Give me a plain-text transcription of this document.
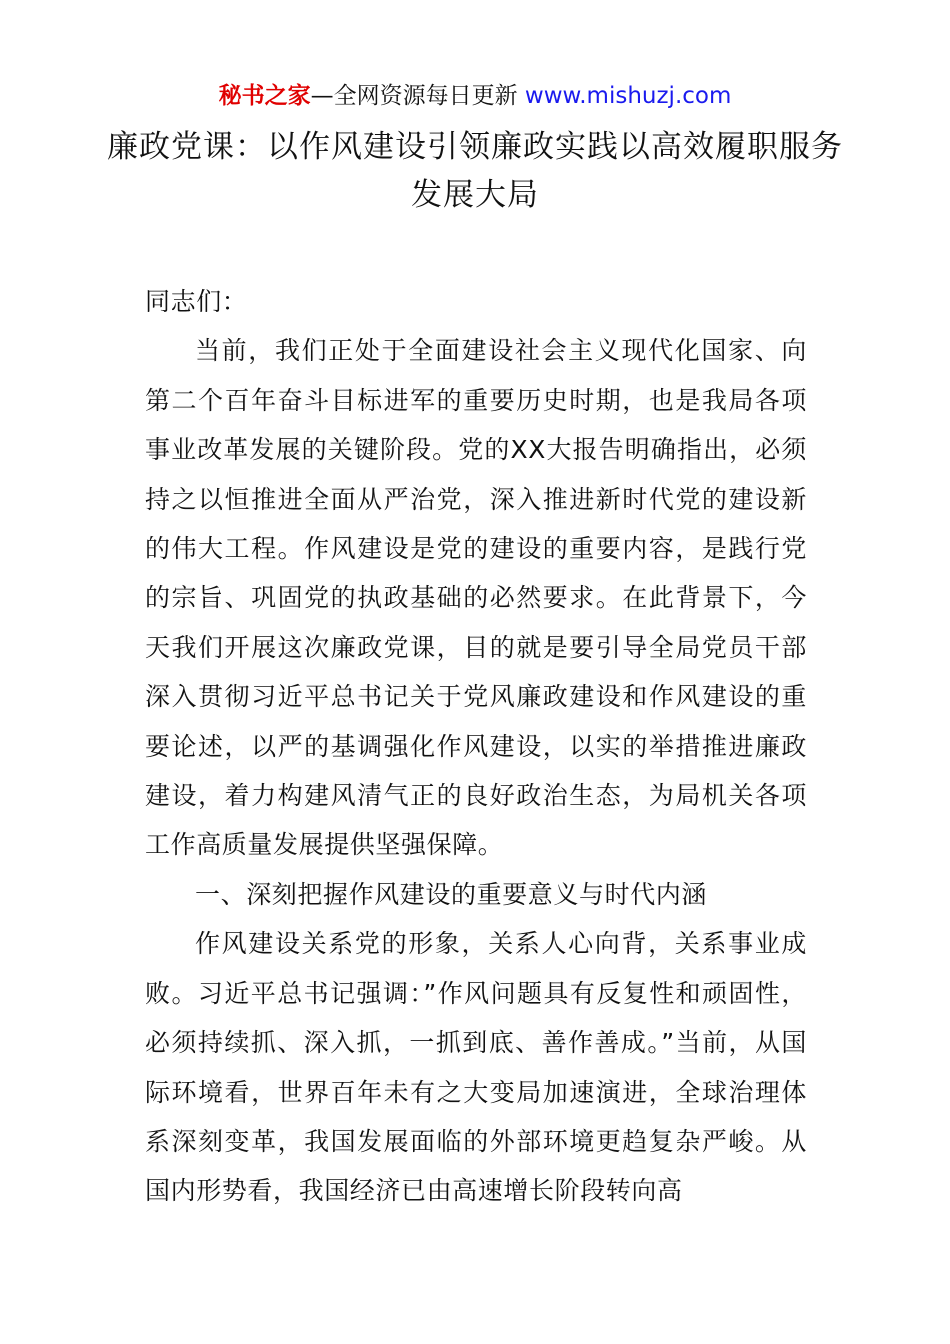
秘书之家—全网资源每日更新 www.mishuzj.com
廉政党课：以作风建设引领廉政实践以高效履职服务发展大局

同志们：

当前，我们正处于全面建设社会主义现代化国家、向第二个百年奋斗目标进军的重要历史时期，也是我局各项事业改革发展的关键阶段。党的XX大报告明确指出，必须持之以恒推进全面从严治党，深入推进新时代党的建设新的伟大工程。作风建设是党的建设的重要内容，是践行党的宗旨、巩固党的执政基础的必然要求。在此背景下，今天我们开展这次廉政党课，目的就是要引导全局党员干部深入贯彻习近平总书记关于党风廉政建设和作风建设的重要论述，以严的基调强化作风建设，以实的举措推进廉政建设，着力构建风清气正的良好政治生态，为局机关各项工作高质量发展提供坚强保障。

一、深刻把握作风建设的重要意义与时代内涵

作风建设关系党的形象，关系人心向背，关系事业成败。习近平总书记强调：”作风问题具有反复性和顽固性，必须持续抓、深入抓，一抓到底、善作善成。”当前，从国际环境看，世界百年未有之大变局加速演进，全球治理体系深刻变革，我国发展面临的外部环境更趋复杂严峻。从国内形势看，我国经济已由高速增长阶段转向高
